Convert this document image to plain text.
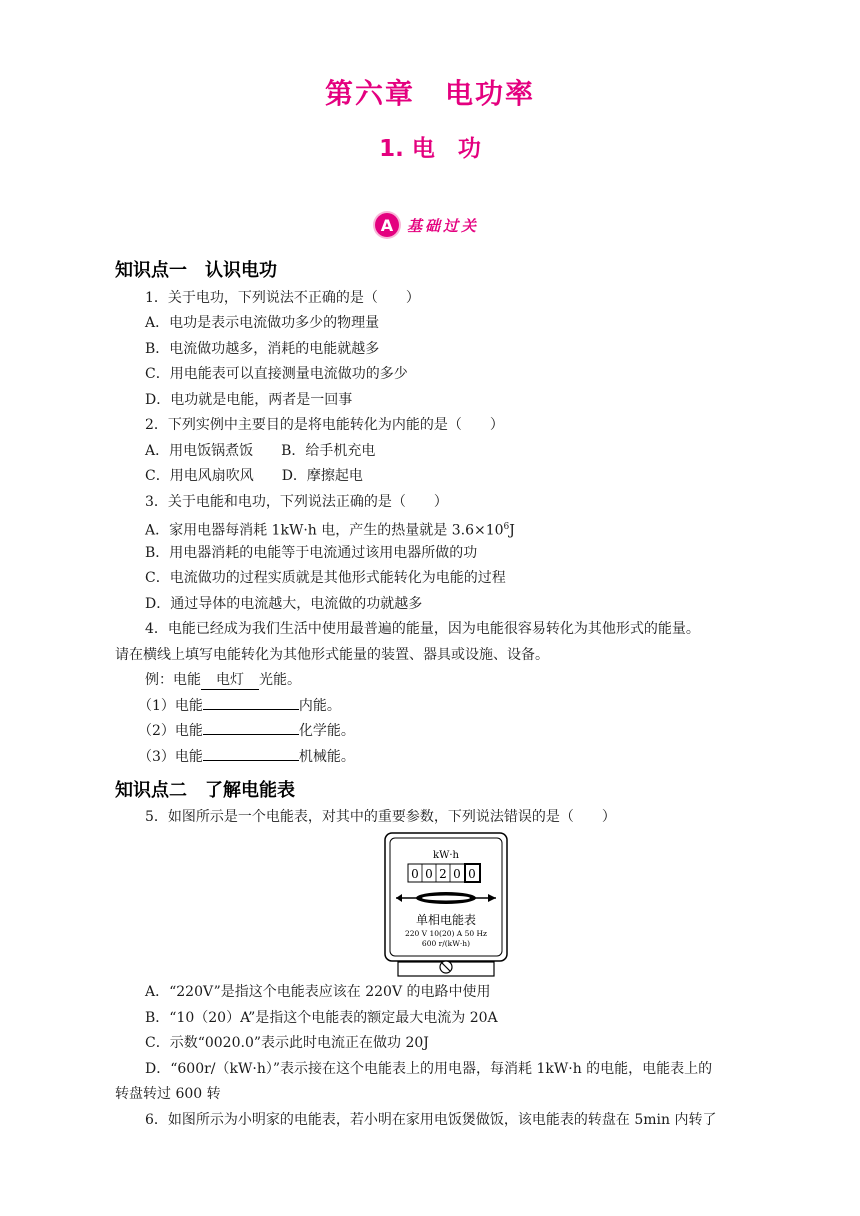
第六章　电功率
1. 电　功
A 基础过关
知识点一　认识电功
1．关于电功，下列说法不正确的是（　　）
A．电功是表示电流做功多少的物理量
B．电流做功越多，消耗的电能就越多
C．用电能表可以直接测量电流做功的多少
D．电功就是电能，两者是一回事
2．下列实例中主要目的是将电能转化为内能的是（　　）
A．用电饭锅煮饭　　B．给手机充电
C．用电风扇吹风　　D．摩擦起电
3．关于电能和电功，下列说法正确的是（　　）
A．家用电器每消耗 1kW·h 电，产生的热量就是 $3.6\times 10^6J$
B．用电器消耗的电能等于电流通过该用电器所做的功
C．电流做功的过程实质就是其他形式能转化为电能的过程
D．通过导体的电流越大，电流做的功就越多
4．电能已经成为我们生活中使用最普遍的能量，因为电能很容易转化为其他形式的能量。
请在横线上填写电能转化为其他形式能量的装置、器具或设施、设备。
例：电能 电灯 光能。
（1）电能	内能。
（2）电能	化学能。
（3）电能	机械能。
知识点二　了解电能表
5．如图所示是一个电能表，对其中的重要参数，下列说法错误的是（　　）
kW·h
0 0 2 0 0
单相电能表
220 V 10(20) A 50 Hz
600 r/(kW·h)
A．“220V”是指这个电能表应该在 220V 的电路中使用
B．“10（20）A”是指这个电能表的额定最大电流为 20A
C．示数“0020.0”表示此时电流正在做功 20J
D．“600r/（kW·h）”表示接在这个电能表上的用电器，每消耗 1kW·h 的电能，电能表上的
转盘转过 600 转
6．如图所示为小明家的电能表，若小明在家用电饭煲做饭，该电能表的转盘在 5min 内转了
